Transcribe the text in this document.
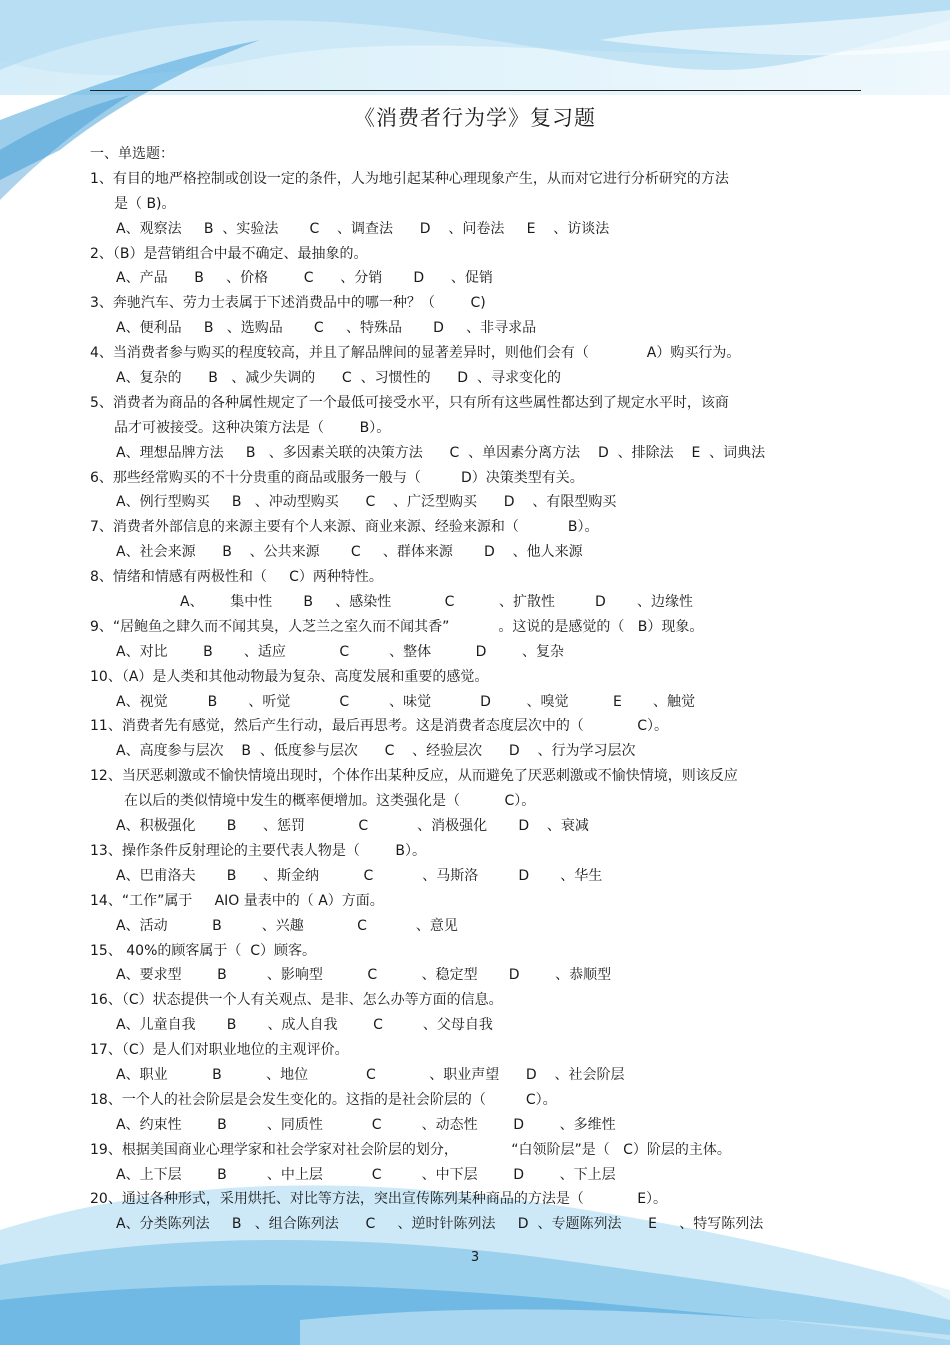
《消费者行为学》复习题
一、单选题：
1、有目的地严格控制或创设一定的条件，人为地引起某种心理现象产生，从而对它进行分析研究的方法
是（ B)。
A、观察法     B  、实验法       C    、调查法      D    、问卷法     E    、访谈法
2、（B）是营销组合中最不确定、最抽象的。
A、产品      B     、价格        C      、分销       D      、促销
3、奔驰汽车、劳力士表属于下述消费品中的哪一种？（        C)
A、便利品     B   、选购品       C     、特殊品       D     、非寻求品
4、当消费者参与购买的程度较高，并且了解品牌间的显著差异时，则他们会有（             A）购买行为。
A、复杂的      B   、减少失调的      C  、习惯性的      D  、寻求变化的
5、消费者为商品的各种属性规定了一个最低可接受水平，只有所有这些属性都达到了规定水平时，该商
品才可被接受。这种决策方法是（        B）。
A、理想品牌方法     B   、多因素关联的决策方法      C  、单因素分离方法    D  、排除法    E  、词典法
6、那些经常购买的不十分贵重的商品或服务一般与（         D）决策类型有关。
A、例行型购买     B   、冲动型购买      C    、广泛型购买      D    、有限型购买
7、消费者外部信息的来源主要有个人来源、商业来源、经验来源和（           B）。
A、社会来源      B    、公共来源       C     、群体来源       D    、他人来源
8、情绪和情感有两极性和（     C）两种特性。
A、      集中性       B     、感染性            C          、扩散性         D       、边缘性
9、“居鲍鱼之肆久而不闻其臭，人芝兰之室久而不闻其香”           。这说的是感觉的（   B）现象。
A、对比        B       、适应            C         、整体          D        、复杂
10、（A）是人类和其他动物最为复杂、高度发展和重要的感觉。
A、视觉         B       、听觉           C         、味觉           D        、嗅觉          E       、触觉
11、消费者先有感觉，然后产生行动，最后再思考。这是消费者态度层次中的（            C）。
A、高度参与层次    B  、低度参与层次      C    、经验层次      D    、行为学习层次
12、当厌恶刺激或不愉快情境出现时，个体作出某种反应，从而避免了厌恶刺激或不愉快情境，则该反应
在以后的类似情境中发生的概率便增加。这类强化是（          C）。
A、积极强化       B      、惩罚            C           、消极强化       D    、衰减
13、操作条件反射理论的主要代表人物是（        B）。
A、巴甫洛夫       B      、斯金纳          C           、马斯洛         D       、华生
14、“工作”属于     AIO 量表中的（ A）方面。
A、活动          B         、兴趣            C           、意见
15、 40%的顾客属于（  C）顾客。
A、要求型        B         、影响型          C          、稳定型       D        、恭顺型
16、（C）状态提供一个人有关观点、是非、怎么办等方面的信息。
A、儿童自我       B       、成人自我        C         、父母自我
17、（C）是人们对职业地位的主观评价。
A、职业          B          、地位             C            、职业声望      D    、社会阶层
18、一个人的社会阶层是会发生变化的。这指的是社会阶层的（         C）。
A、约束性        B         、同质性           C         、动态性        D        、多维性
19、根据美国商业心理学家和社会学家对社会阶层的划分，            “白领阶层”是（   C）阶层的主体。
A、上下层        B         、中上层           C         、中下层        D        、下上层
20、通过各种形式，采用烘托、对比等方法，突出宣传陈列某种商品的方法是（            E）。
A、分类陈列法     B   、组合陈列法      C     、逆时针陈列法     D  、专题陈列法      E     、特写陈列法
3
